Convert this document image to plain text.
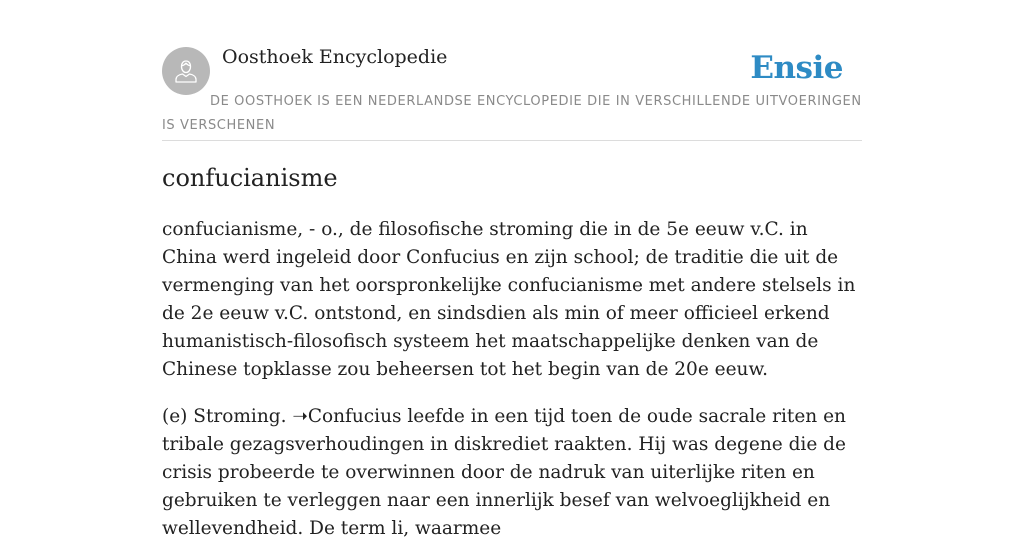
Oosthoek Encyclopedie	Ensie
DE OOSTHOEK IS EEN NEDERLANDSE ENCYCLOPEDIE DIE IN VERSCHILLENDE UITVOERINGEN IS VERSCHENEN
confucianisme

confucianisme, - o., de filosofische stroming die in de 5e eeuw v.C. in China werd ingeleid door Confucius en zijn school; de traditie die uit de vermenging van het oorspronkelijke confucianisme met andere stelsels in de 2e eeuw v.C. ontstond, en sindsdien als min of meer officieel erkend humanistisch-filosofisch systeem het maatschappelijke denken van de Chinese topklasse zou beheersen tot het begin van de 20e eeuw.

(e) Stroming. ➝Confucius leefde in een tijd toen de oude sacrale riten en tribale gezagsverhoudingen in diskrediet raakten. Hij was degene die de crisis probeerde te overwinnen door de nadruk van uiterlijke riten en gebruiken te verleggen naar een innerlijk besef van welvoeglijkheid en wellevendheid. De term li, waarmee
